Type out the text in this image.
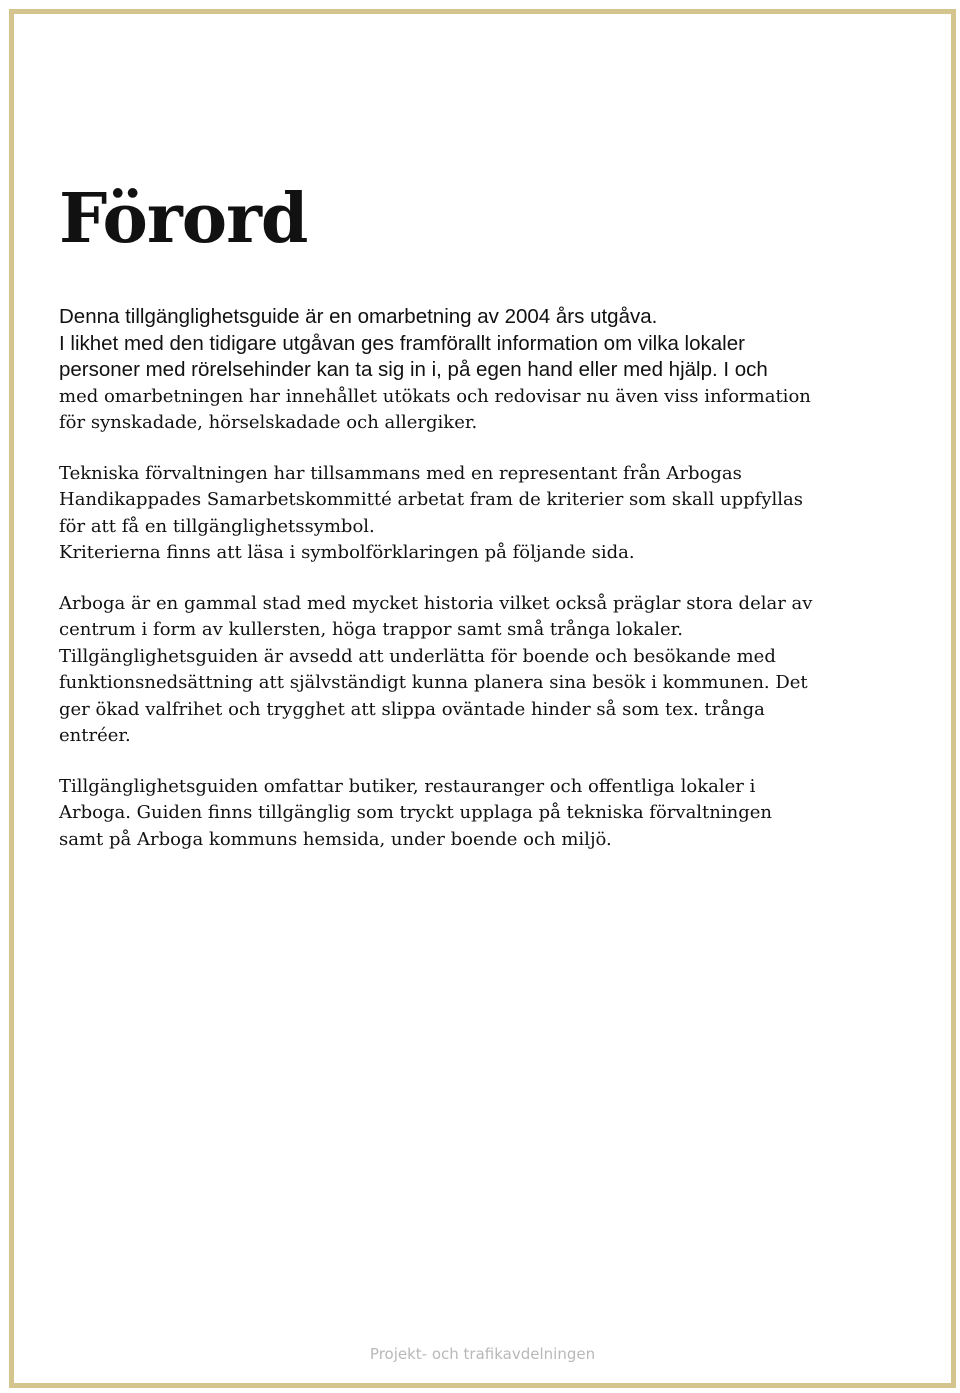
Förord
Denna tillgänglighetsguide är en omarbetning av 2004 års utgåva.
I likhet med den tidigare utgåvan ges framförallt information om vilka lokaler
personer med rörelsehinder kan ta sig in i, på egen hand eller med hjälp. I och
med omarbetningen har innehållet utökats och redovisar nu även viss information
för synskadade, hörselskadade och allergiker.
Tekniska förvaltningen har tillsammans med en representant från Arbogas
Handikappades Samarbetskommitté arbetat fram de kriterier som skall uppfyllas
för att få en tillgänglighetssymbol.
Kriterierna finns att läsa i symbolförklaringen på följande sida.
Arboga är en gammal stad med mycket historia vilket också präglar stora delar av
centrum i form av kullersten, höga trappor samt små trånga lokaler.
Tillgänglighetsguiden är avsedd att underlätta för boende och besökande med
funktionsnedsättning att självständigt kunna planera sina besök i kommunen. Det
ger ökad valfrihet och trygghet att slippa oväntade hinder så som tex. trånga
entréer.
Tillgänglighetsguiden omfattar butiker, restauranger och offentliga lokaler i
Arboga. Guiden finns tillgänglig som tryckt upplaga på tekniska förvaltningen
samt på Arboga kommuns hemsida, under boende och miljö.
Projekt- och trafikavdelningen
